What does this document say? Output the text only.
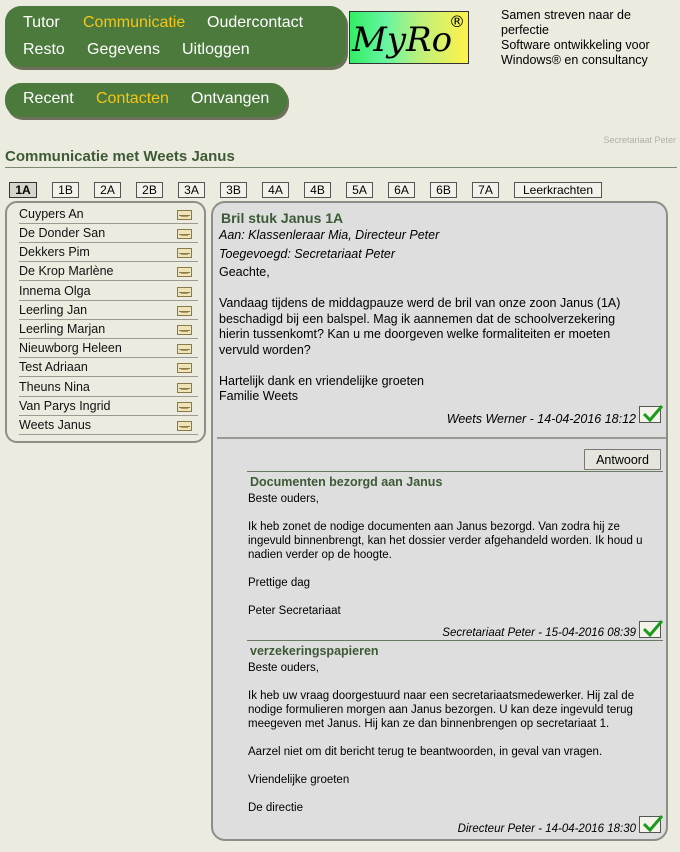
Tutor Communicatie Oudercontact
Resto Gegevens Uitloggen	MyRo
®	Samen streven naar de perfectie
Software ontwikkeling voor Windows® en consultancy
Recent Contacten Ontvangen
Secretariaat Peter
Communicatie met Weets Janus
1A	1B	2A	2B	3A	3B	4A	4B	5A	6A	6B	7A	Leerkrachten
Cuypers An
De Donder San
Dekkers Pim
De Krop Marlène
Innema Olga
Leerling Jan
Leerling Marjan
Nieuwborg Heleen
Test Adriaan
Theuns Nina
Van Parys Ingrid
Weets Janus
Bril stuk Janus 1A
Aan: Klassenleraar Mia, Directeur Peter
Toegevoegd: Secretariaat Peter
Geachte,

Vandaag tijdens de middagpauze werd de bril van onze zoon Janus (1A) beschadigd bij een balspel. Mag ik aannemen dat de schoolverzekering hierin tussenkomt? Kan u me doorgeven welke formaliteiten er moeten vervuld worden?

Hartelijk dank en vriendelijke groeten
Familie Weets
Weets Werner - 14-04-2016 18:12
Antwoord
Documenten bezorgd aan Janus
Beste ouders,

Ik heb zonet de nodige documenten aan Janus bezorgd. Van zodra hij ze ingevuld binnenbrengt, kan het dossier verder afgehandeld worden. Ik houd u nadien verder op de hoogte.

Prettige dag

Peter Secretariaat
Secretariaat Peter - 15-04-2016 08:39
verzekeringspapieren
Beste ouders,

Ik heb uw vraag doorgestuurd naar een secretariaatsmedewerker. Hij zal de nodige formulieren morgen aan Janus bezorgen. U kan deze ingevuld terug meegeven met Janus. Hij kan ze dan binnenbrengen op secretariaat 1.

Aarzel niet om dit bericht terug te beantwoorden, in geval van vragen.

Vriendelijke groeten

De directie
Directeur Peter - 14-04-2016 18:30
